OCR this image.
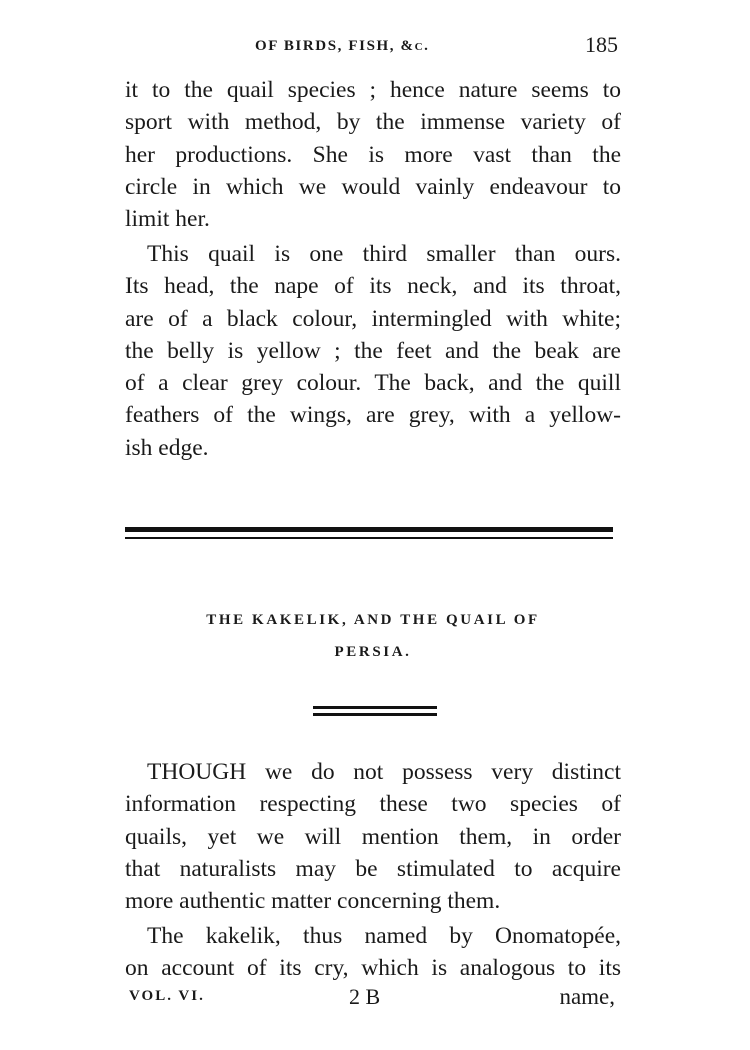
OF BIRDS, FISH, &c.	185
it to the quail species ; hence nature seems to
sport with method, by the immense variety of
her productions. She is more vast than the
circle in which we would vainly endeavour to
limit her.
This quail is one third smaller than ours.
Its head, the nape of its neck, and its throat,
are of a black colour, intermingled with white;
the belly is yellow ; the feet and the beak are
of a clear grey colour. The back, and the quill
feathers of the wings, are grey, with a yellow-
ish edge.
THE KAKELIK, AND THE QUAIL OF
PERSIA.
THOUGH we do not possess very distinct
information respecting these two species of
quails, yet we will mention them, in order
that naturalists may be stimulated to acquire
more authentic matter concerning them.
The kakelik, thus named by Onomatopée,
on account of its cry, which is analogous to its
VOL. VI.	2 B	name,
